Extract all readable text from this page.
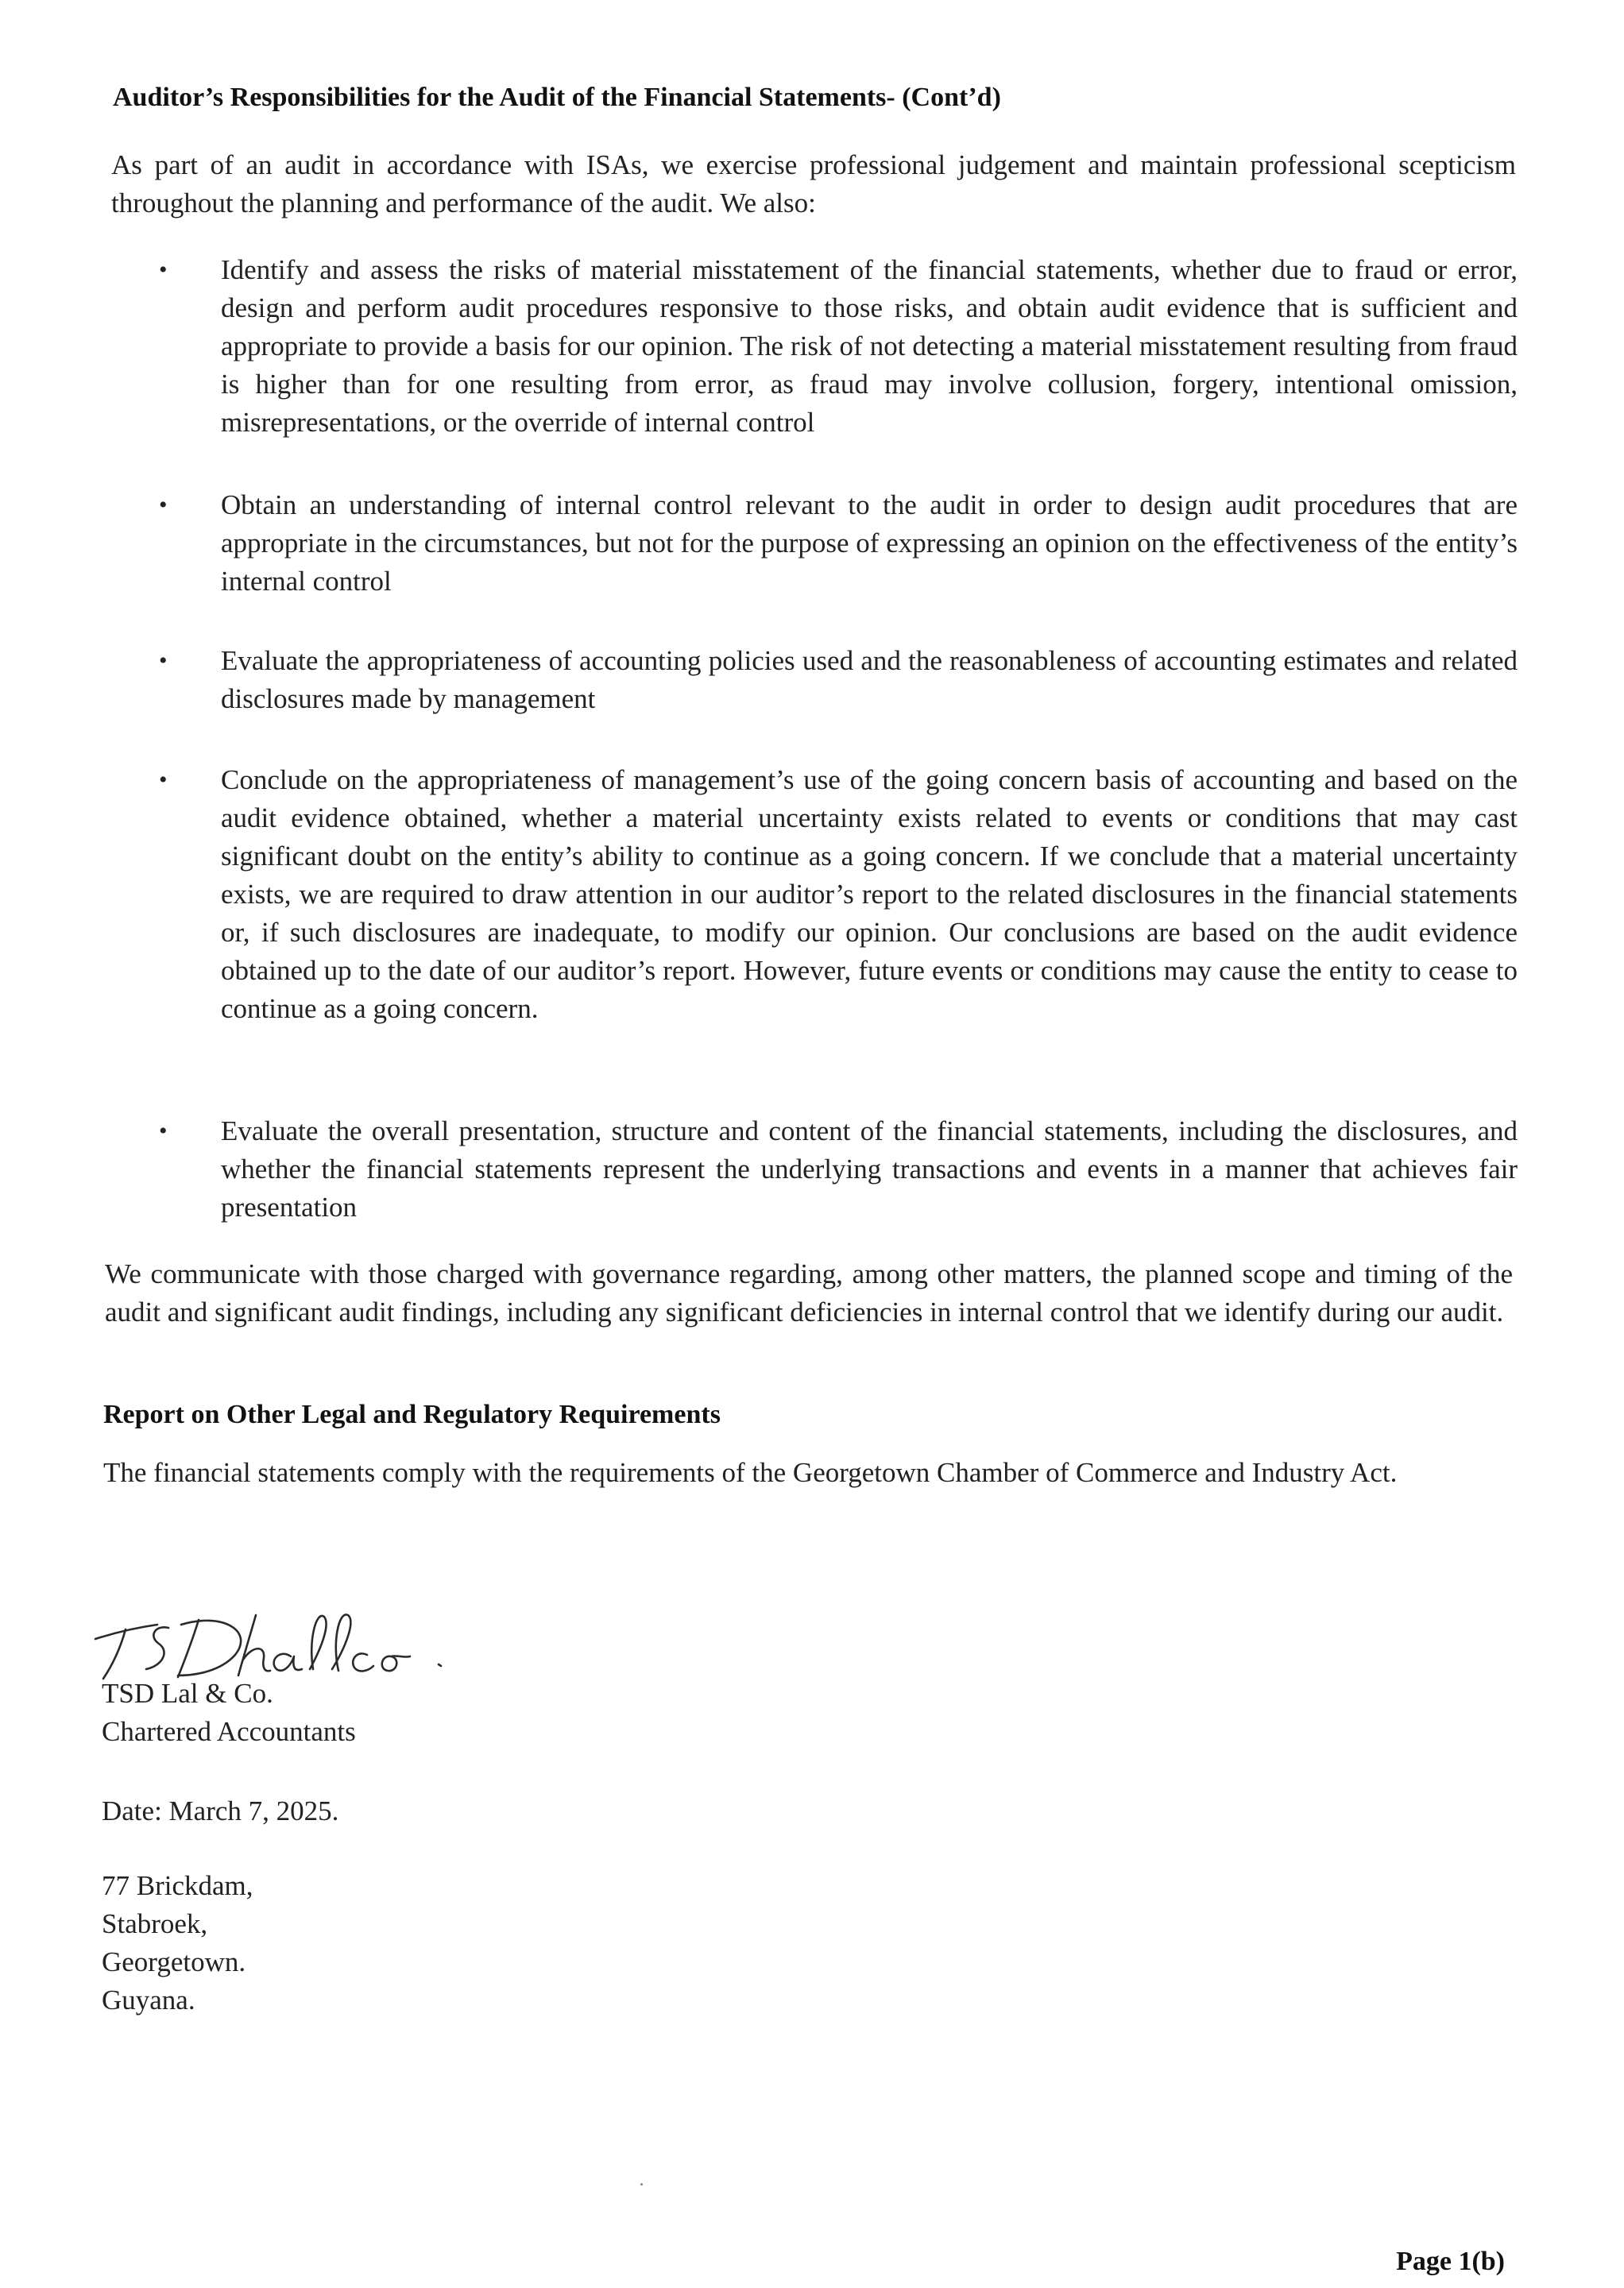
Auditor’s Responsibilities for the Audit of the Financial Statements- (Cont’d)
As part of an audit in accordance with ISAs, we exercise professional judgement and maintain professional scepticism throughout the planning and performance of the audit. We also:
• Identify and assess the risks of material misstatement of the financial statements, whether due to fraud or error, design and perform audit procedures responsive to those risks, and obtain audit evidence that is sufficient and appropriate to provide a basis for our opinion. The risk of not detecting a material misstatement resulting from fraud is higher than for one resulting from error, as fraud may involve collusion, forgery, intentional omission, misrepresentations, or the override of internal control
• Obtain an understanding of internal control relevant to the audit in order to design audit procedures that are appropriate in the circumstances, but not for the purpose of expressing an opinion on the effectiveness of the entity’s internal control
• Evaluate the appropriateness of accounting policies used and the reasonableness of accounting estimates and related disclosures made by management
• Conclude on the appropriateness of management’s use of the going concern basis of accounting and based on the audit evidence obtained, whether a material uncertainty exists related to events or conditions that may cast significant doubt on the entity’s ability to continue as a going concern. If we conclude that a material uncertainty exists, we are required to draw attention in our auditor’s report to the related disclosures in the financial statements or, if such disclosures are inadequate, to modify our opinion. Our conclusions are based on the audit evidence obtained up to the date of our auditor’s report. However, future events or conditions may cause the entity to cease to continue as a going concern.
• Evaluate the overall presentation, structure and content of the financial statements, including the disclosures, and whether the financial statements represent the underlying transactions and events in a manner that achieves fair presentation
We communicate with those charged with governance regarding, among other matters, the planned scope and timing of the audit and significant audit findings, including any significant deficiencies in internal control that we identify during our audit.
Report on Other Legal and Regulatory Requirements
The financial statements comply with the requirements of the Georgetown Chamber of Commerce and Industry Act.
TSD Lal & Co.
Chartered Accountants
Date: March 7, 2025.
77 Brickdam,
Stabroek,
Georgetown.
Guyana.
Page 1(b)
